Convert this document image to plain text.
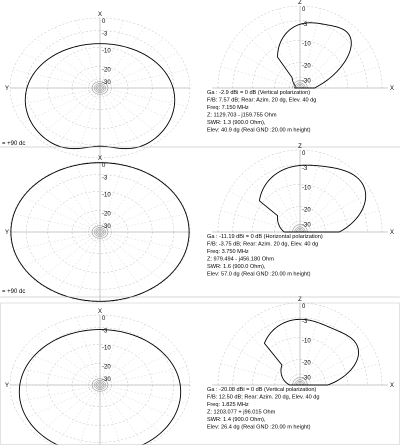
X
Y
0
-3
-10
-20
-30
Z
X
0
-3
-10
-20
-30
Ga : -2.9 dBi = 0 dB (Vertical polarization)
F/B: 7.57 dB; Rear: Azim. 20 dg, Elev. 40 dg
Freq: 7.150 MHz
Z: 1129.703 - j159.755 Ohm
SWR: 1.3 (900.0 Ohm),
Elev: 40.9 dg (Real GND :20.00 m height)
= +90 dc
X
Y
0
-3
-10
-20
-30
Z
X
0
-3
-10
-20
-30
Ga : -11.19 dBi = 0 dB (Horizontal polarization)
F/B: -3.75 dB; Rear: Azim. 20 dg, Elev. 40 dg
Freq: 3.750 MHz
Z: 979.494 - j456.180 Ohm
SWR: 1.6 (900.0 Ohm),
Elev: 57.0 dg (Real GND :20.00 m height)
= +90 dc
X
Y
0
-3
-10
-20
-30
Z
X
0
-3
-10
-20
-30
Ga : -20.08 dBi = 0 dB (Vertical polarization)
F/B: 12.50 dB; Rear: Azim. 20 dg, Elev. 40 dg
Freq: 1.825 MHz
Z: 1203.077 + j96.015 Ohm
SWR: 1.4 (900.0 Ohm),
Elev: 26.4 dg (Real GND :20.00 m height)
